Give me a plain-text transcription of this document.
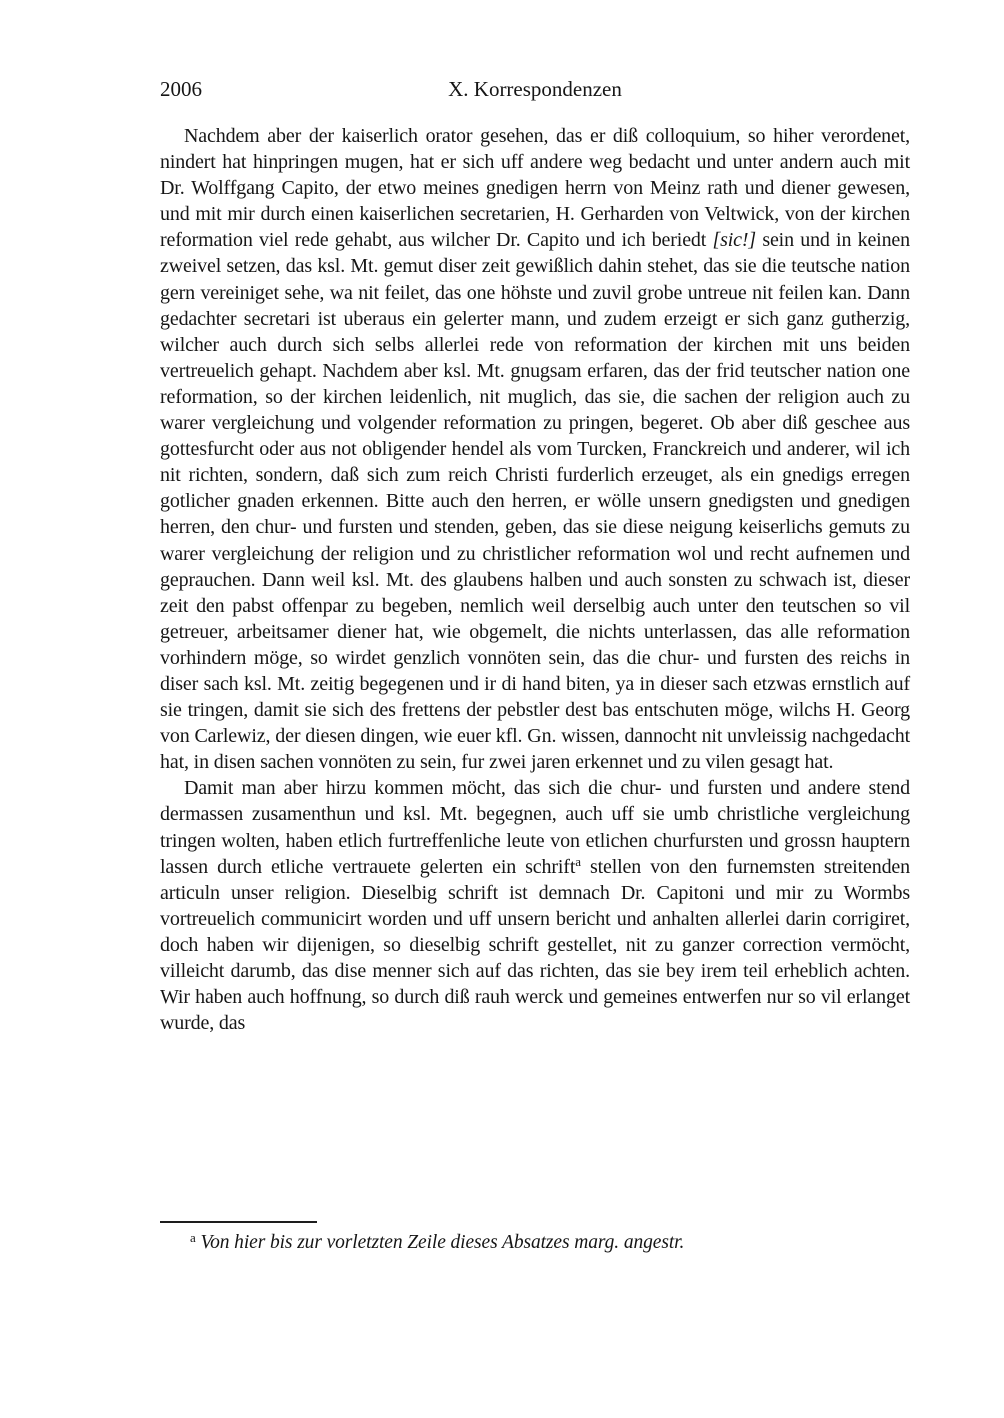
2006	X. Korrespondenzen

Nachdem aber der kaiserlich orator gesehen, das er diß colloquium, so hiher verordenet, nindert hat hinpringen mugen, hat er sich uff andere weg bedacht und unter andern auch mit Dr. Wolffgang Capito, der etwo meines gnedigen herrn von Meinz rath und diener gewesen, und mit mir durch einen kaiserlichen secretarien, H. Gerharden von Veltwick, von der kirchen reformation viel rede gehabt, aus wilcher Dr. Capito und ich beriedt [sic!] sein und in keinen zweivel setzen, das ksl. Mt. gemut diser zeit gewißlich dahin stehet, das sie die teutsche nation gern vereiniget sehe, wa nit feilet, das one höhste und zuvil grobe untreue nit feilen kan. Dann gedachter secretari ist uberaus ein gelerter mann, und zudem erzeigt er sich ganz gutherzig, wilcher auch durch sich selbs allerlei rede von reformation der kirchen mit uns beiden vertreuelich gehapt. Nachdem aber ksl. Mt. gnugsam erfaren, das der frid teutscher nation one reformation, so der kirchen leidenlich, nit muglich, das sie, die sachen der religion auch zu warer vergleichung und volgender reformation zu pringen, begeret. Ob aber diß geschee aus gottesfurcht oder aus not obligender hendel als vom Turcken, Franckreich und anderer, wil ich nit richten, sondern, daß sich zum reich Christi furderlich erzeuget, als ein gnedigs erregen gotlicher gnaden erkennen. Bitte auch den herren, er wölle unsern gnedigsten und gnedigen herren, den chur- und fursten und stenden, geben, das sie diese neigung keiserlichs gemuts zu warer vergleichung der religion und zu christlicher reformation wol und recht aufnemen und geprauchen. Dann weil ksl. Mt. des glaubens halben und auch sonsten zu schwach ist, dieser zeit den pabst offenpar zu begeben, nemlich weil derselbig auch unter den teutschen so vil getreuer, arbeitsamer diener hat, wie obgemelt, die nichts unterlassen, das alle reformation vorhindern möge, so wirdet genzlich vonnöten sein, das die chur- und fursten des reichs in diser sach ksl. Mt. zeitig begegenen und ir di hand biten, ya in dieser sach etzwas ernstlich auf sie tringen, damit sie sich des frettens der pebstler dest bas entschuten möge, wilchs H. Georg von Carlewiz, der diesen dingen, wie euer kfl. Gn. wissen, dannocht nit unvleissig nachgedacht hat, in disen sachen vonnöten zu sein, fur zwei jaren erkennet und zu vilen gesagt hat.

Damit man aber hirzu kommen möcht, das sich die chur- und fursten und andere stend dermassen zusamenthun und ksl. Mt. begegnen, auch uff sie umb christliche vergleichung tringen wolten, haben etlich furtreffenliche leute von etlichen churfursten und grossn hauptern lassen durch etliche vertrauete gelerten ein schrift$^a$ stellen von den furnemsten streitenden articuln unser religion. Dieselbig schrift ist demnach Dr. Capitoni und mir zu Wormbs vortreuelich communicirt worden und uff unsern bericht und anhalten allerlei darin corrigiret, doch haben wir dijenigen, so dieselbig schrift gestellet, nit zu ganzer correction vermöcht, villeicht darumb, das dise menner sich auf das richten, das sie bey irem teil erheblich achten. Wir haben auch hoffnung, so durch diß rauh werck und gemeines entwerfen nur so vil erlanget wurde, das

$^a$ Von hier bis zur vorletzten Zeile dieses Absatzes marg. angestr.
